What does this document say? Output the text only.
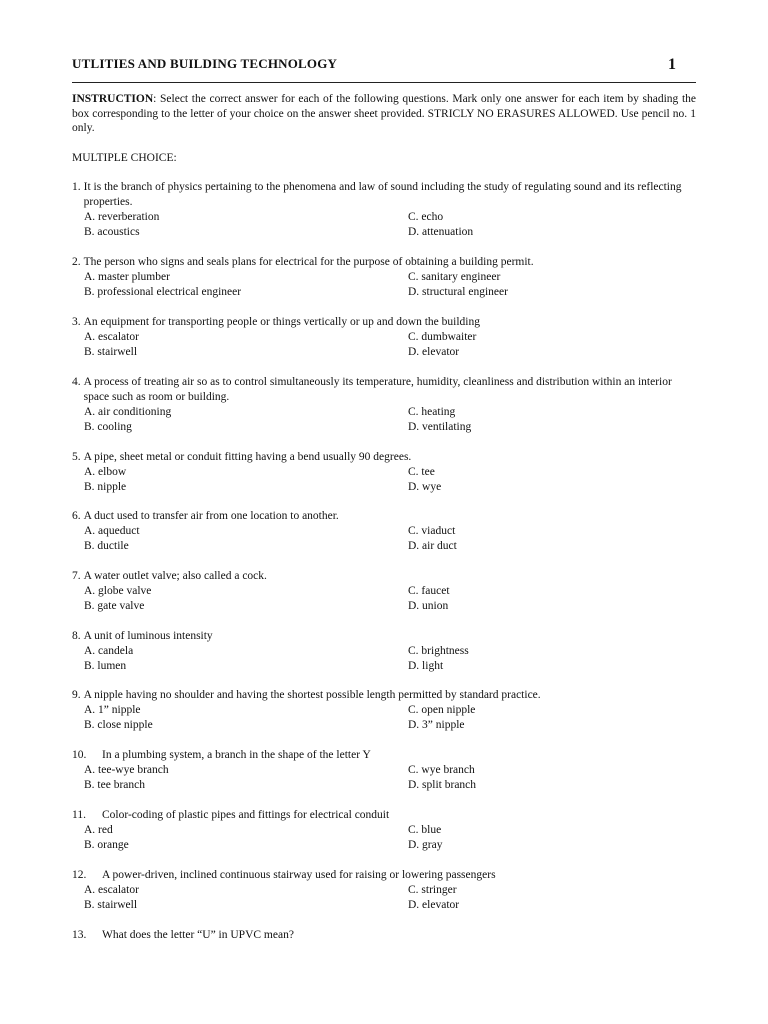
UTLITIES AND BUILDING TECHNOLOGY	1
INSTRUCTION: Select the correct answer for each of the following questions. Mark only one answer for each item by shading the box corresponding to the letter of your choice on the answer sheet provided. STRICLY NO ERASURES ALLOWED. Use pencil no. 1 only.
MULTIPLE CHOICE:
1. It is the branch of physics pertaining to the phenomena and law of sound including the study of regulating sound and its reflecting properties.
A. reverberation	C. echo
B. acoustics	D. attenuation
2. The person who signs and seals plans for electrical for the purpose of obtaining a building permit.
A. master plumber	C. sanitary engineer
B. professional electrical engineer	D. structural engineer
3. An equipment for transporting people or things vertically or up and down the building
A. escalator	C. dumbwaiter
B. stairwell	D. elevator
4. A process of treating air so as to control simultaneously its temperature, humidity, cleanliness and distribution within an interior space such as room or building.
A. air conditioning	C. heating
B. cooling	D. ventilating
5. A pipe, sheet metal or conduit fitting having a bend usually 90 degrees.
A. elbow	C. tee
B. nipple	D. wye
6. A duct used to transfer air from one location to another.
A. aqueduct	C. viaduct
B. ductile	D. air duct
7. A water outlet valve; also called a cock.
A. globe valve	C. faucet
B. gate valve	D. union
8. A unit of luminous intensity
A. candela	C. brightness
B. lumen	D. light
9. A nipple having no shoulder and having the shortest possible length permitted by standard practice.
A. 1” nipple	C. open nipple
B. close nipple	D. 3” nipple
10.	In a plumbing system, a branch in the shape of the letter Y
A. tee-wye branch	C. wye branch
B. tee branch	D. split branch
11.	Color-coding of plastic pipes and fittings for electrical conduit
A. red	C. blue
B. orange	D. gray
12.	A power-driven, inclined continuous stairway used for raising or lowering passengers
A. escalator	C. stringer
B. stairwell	D. elevator
13.	What does the letter “U” in UPVC mean?
